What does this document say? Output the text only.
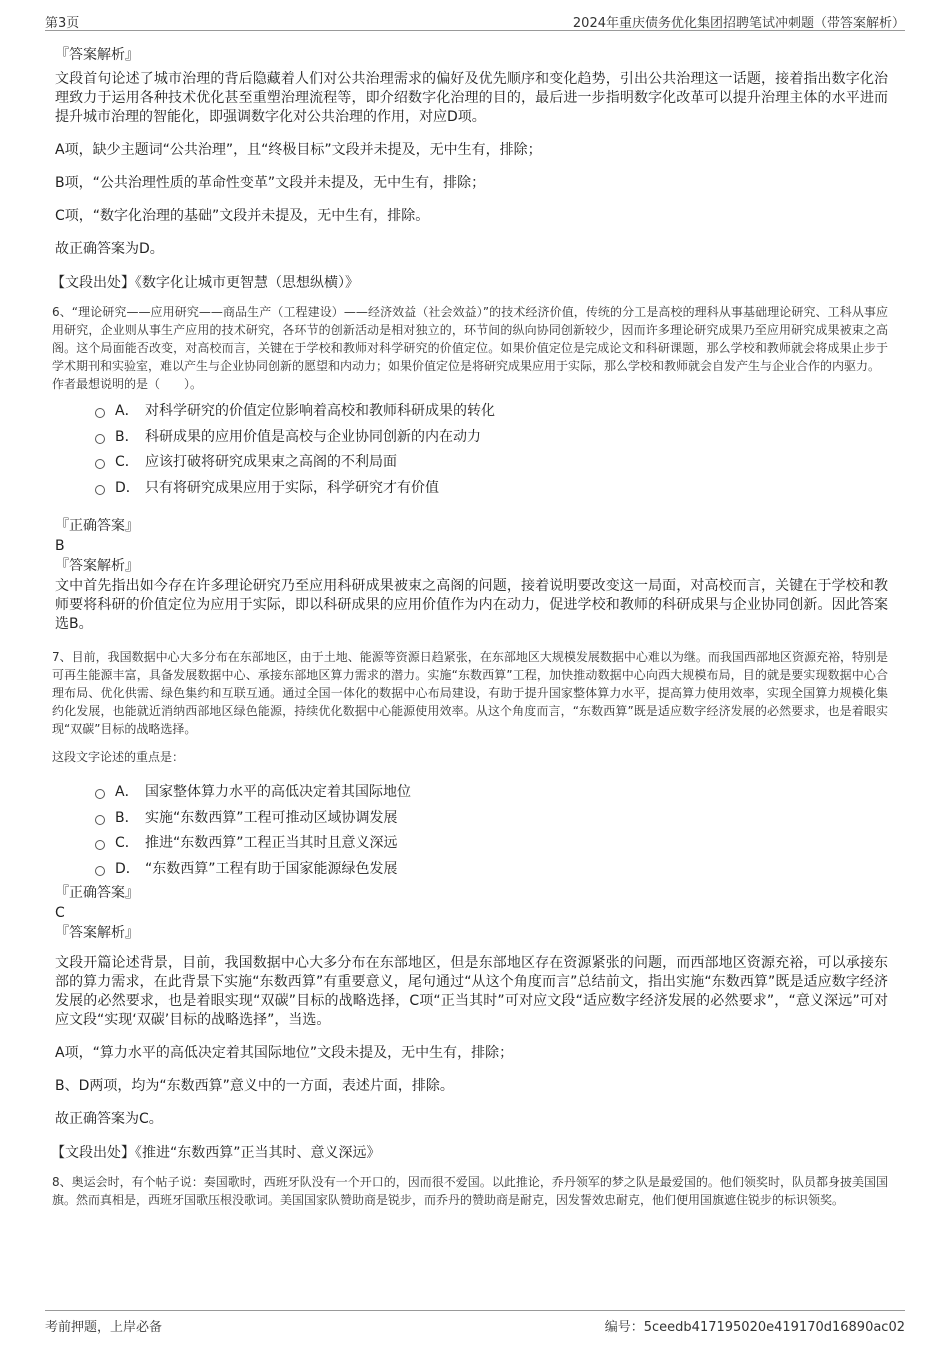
第3页	2024年重庆债务优化集团招聘笔试冲刺题（带答案解析）

『答案解析』

文段首句论述了城市治理的背后隐藏着人们对公共治理需求的偏好及优先顺序和变化趋势，引出公共治理这一话题，接着指出数字化治理致力于运用各种技术优化甚至重塑治理流程等，即介绍数字化治理的目的，最后进一步指明数字化改革可以提升治理主体的水平进而提升城市治理的智能化，即强调数字化对公共治理的作用，对应D项。

A项，缺少主题词“公共治理”，且“终极目标”文段并未提及，无中生有，排除；

B项，“公共治理性质的革命性变革”文段并未提及，无中生有，排除；

C项，“数字化治理的基础”文段并未提及，无中生有，排除。

故正确答案为D。

【文段出处】《数字化让城市更智慧（思想纵横）》

6、“理论研究——应用研究——商品生产（工程建设）——经济效益（社会效益）”的技术经济价值，传统的分工是高校的理科从事基础理论研究、工科从事应用研究，企业则从事生产应用的技术研究，各环节的创新活动是相对独立的，环节间的纵向协同创新较少，因而许多理论研究成果乃至应用研究成果被束之高阁。这个局面能否改变，对高校而言，关键在于学校和教师对科学研究的价值定位。如果价值定位是完成论文和科研课题，那么学校和教师就会将成果止步于学术期刊和实验室，难以产生与企业协同创新的愿望和内动力；如果价值定位是将研究成果应用于实际，那么学校和教师就会自发产生与企业合作的内驱力。

作者最想说明的是（　　）。

A． 对科学研究的价值定位影响着高校和教师科研成果的转化
B． 科研成果的应用价值是高校与企业协同创新的内在动力
C． 应该打破将研究成果束之高阁的不利局面
D． 只有将研究成果应用于实际，科学研究才有价值

『正确答案』

B

『答案解析』

文中首先指出如今存在许多理论研究乃至应用科研成果被束之高阁的问题，接着说明要改变这一局面，对高校而言，关键在于学校和教师要将科研的价值定位为应用于实际，即以科研成果的应用价值作为内在动力，促进学校和教师的科研成果与企业协同创新。因此答案选B。

7、目前，我国数据中心大多分布在东部地区，由于土地、能源等资源日趋紧张，在东部地区大规模发展数据中心难以为继。而我国西部地区资源充裕，特别是可再生能源丰富，具备发展数据中心、承接东部地区算力需求的潜力。实施“东数西算”工程，加快推动数据中心向西大规模布局，目的就是要实现数据中心合理布局、优化供需、绿色集约和互联互通。通过全国一体化的数据中心布局建设，有助于提升国家整体算力水平，提高算力使用效率，实现全国算力规模化集约化发展，也能就近消纳西部地区绿色能源，持续优化数据中心能源使用效率。从这个角度而言，“东数西算”既是适应数字经济发展的必然要求，也是着眼实现“双碳”目标的战略选择。

这段文字论述的重点是：

A． 国家整体算力水平的高低决定着其国际地位
B． 实施“东数西算”工程可推动区域协调发展
C． 推进“东数西算”工程正当其时且意义深远
D． “东数西算”工程有助于国家能源绿色发展

『正确答案』

C

『答案解析』

文段开篇论述背景，目前，我国数据中心大多分布在东部地区，但是东部地区存在资源紧张的问题，而西部地区资源充裕，可以承接东部的算力需求，在此背景下实施“东数西算”有重要意义，尾句通过“从这个角度而言”总结前文，指出实施“东数西算”既是适应数字经济发展的必然要求，也是着眼实现“双碳”目标的战略选择，C项“正当其时”可对应文段“适应数字经济发展的必然要求”，“意义深远”可对应文段“实现‘双碳’目标的战略选择”，当选。

A项，“算力水平的高低决定着其国际地位”文段未提及，无中生有，排除；

B、D两项，均为“东数西算”意义中的一方面，表述片面，排除。

故正确答案为C。

【文段出处】《推进“东数西算”正当其时、意义深远》

8、奥运会时，有个帖子说：奏国歌时，西班牙队没有一个开口的，因而很不爱国。以此推论，乔丹领军的梦之队是最爱国的。他们领奖时，队员都身披美国国旗。然而真相是，西班牙国歌压根没歌词。美国国家队赞助商是锐步，而乔丹的赞助商是耐克，因发誓效忠耐克，他们便用国旗遮住锐步的标识领奖。

考前押题，上岸必备	编号：5ceedb417195020e419170d16890ac02
